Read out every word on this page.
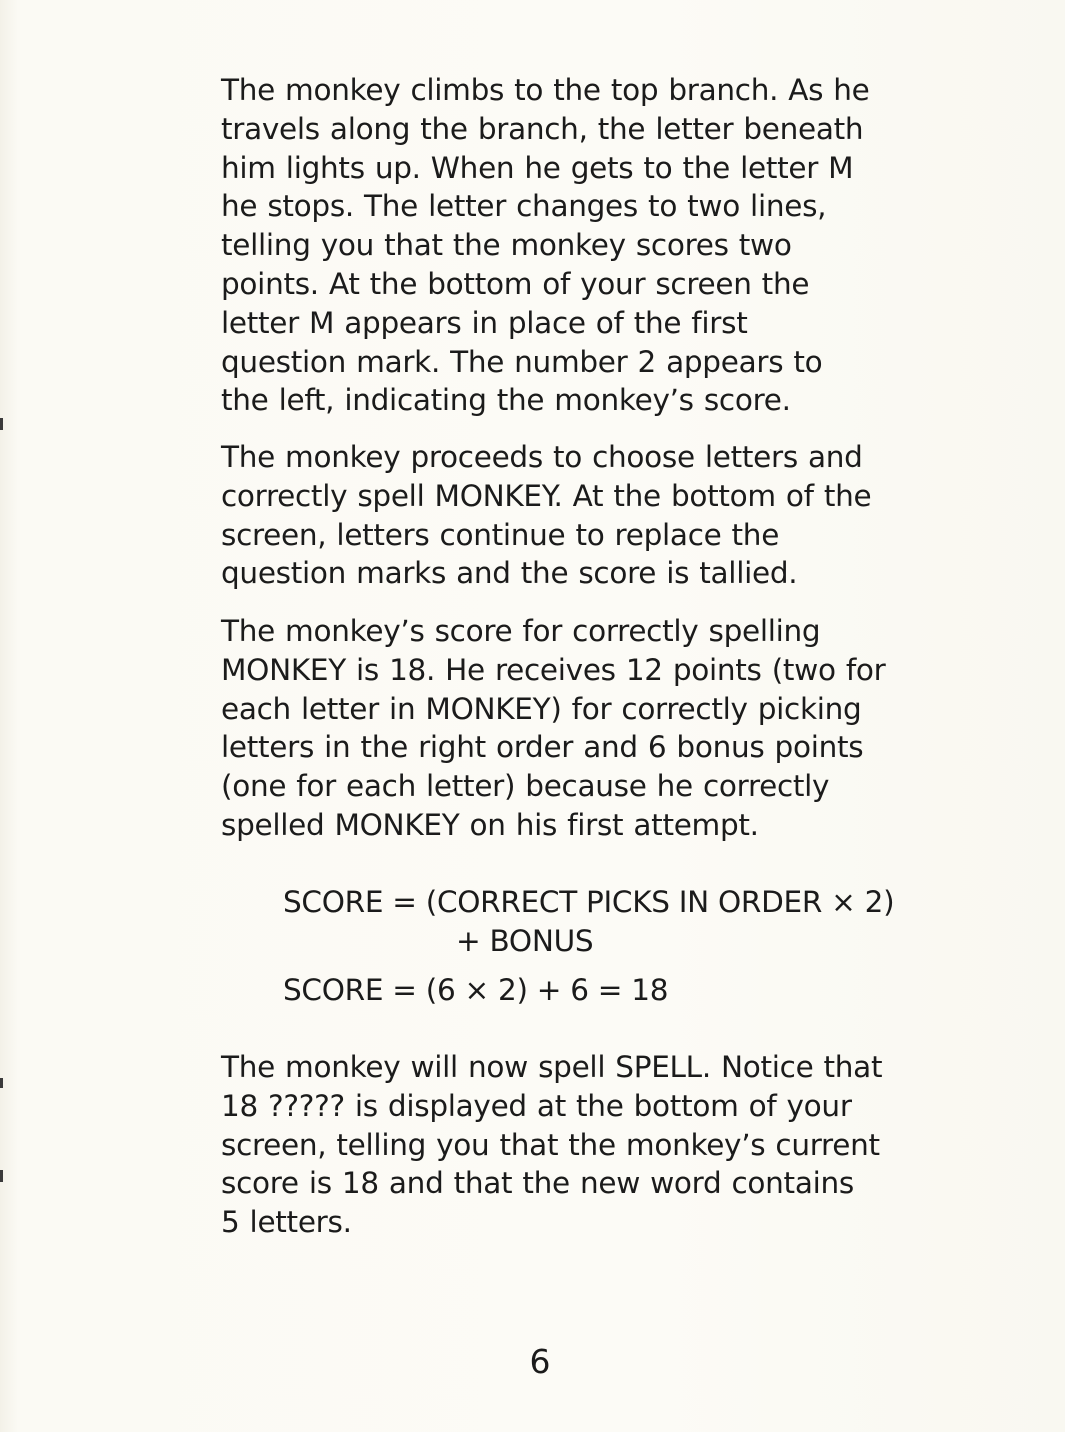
The monkey climbs to the top branch. As he
travels along the branch, the letter beneath
him lights up. When he gets to the letter M
he stops. The letter changes to two lines,
telling you that the monkey scores two
points. At the bottom of your screen the
letter M appears in place of the first
question mark. The number 2 appears to
the left, indicating the monkey’s score.
The monkey proceeds to choose letters and
correctly spell MONKEY. At the bottom of the
screen, letters continue to replace the
question marks and the score is tallied.
The monkey’s score for correctly spelling
MONKEY is 18. He receives 12 points (two for
each letter in MONKEY) for correctly picking
letters in the right order and 6 bonus points
(one for each letter) because he correctly
spelled MONKEY on his first attempt.
SCORE = (CORRECT PICKS IN ORDER × 2)
+ BONUS
SCORE = (6 × 2) + 6 = 18
The monkey will now spell SPELL. Notice that
18 ????? is displayed at the bottom of your
screen, telling you that the monkey’s current
score is 18 and that the new word contains
5 letters.
6
